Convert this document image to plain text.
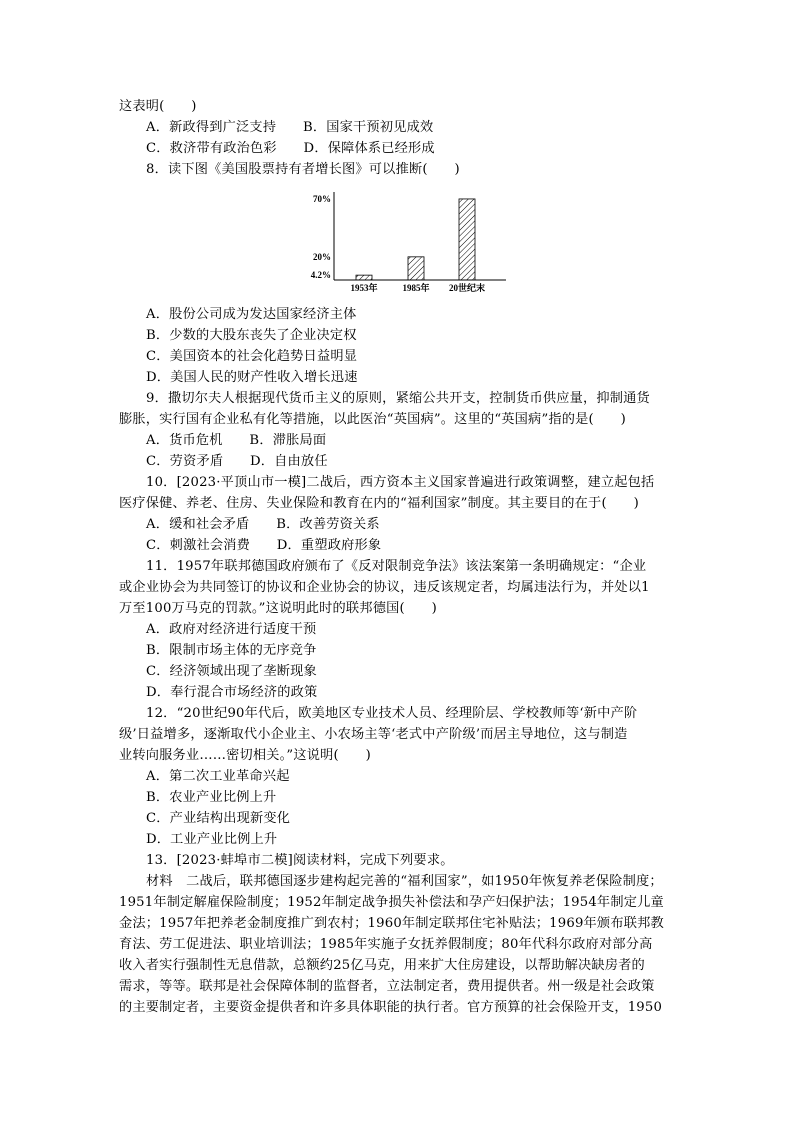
这表明(　　)
A．新政得到广泛支持　　B．国家干预初见成效
C．救济带有政治色彩　　D．保障体系已经形成
8．读下图《美国股票持有者增长图》可以推断(　　)
70%
20%
4.2%
1953年	1985年 20世纪末
A．股份公司成为发达国家经济主体
B．少数的大股东丧失了企业决定权
C．美国资本的社会化趋势日益明显
D．美国人民的财产性收入增长迅速
9．撒切尔夫人根据现代货币主义的原则，紧缩公共开支，控制货币供应量，抑制通货
膨胀，实行国有企业私有化等措施，以此医治“英国病”。这里的“英国病”指的是(　　)
A．货币危机　　B．滞胀局面
C．劳资矛盾　　D．自由放任
10．[2023·平顶山市一模]二战后，西方资本主义国家普遍进行政策调整，建立起包括
医疗保健、养老、住房、失业保险和教育在内的“福利国家”制度。其主要目的在于(　　)
A．缓和社会矛盾　　B．改善劳资关系
C．刺激社会消费　　D．重塑政府形象
11．1957年联邦德国政府颁布了《反对限制竞争法》该法案第一条明确规定：“企业
或企业协会为共同签订的协议和企业协会的协议，违反该规定者，均属违法行为，并处以1
万至100万马克的罚款。”这说明此时的联邦德国(　　)
A．政府对经济进行适度干预
B．限制市场主体的无序竞争
C．经济领域出现了垄断现象
D．奉行混合市场经济的政策
12．“20世纪90年代后，欧美地区专业技术人员、经理阶层、学校教师等‘新中产阶
级’日益增多，逐渐取代小企业主、小农场主等‘老式中产阶级’而居主导地位，这与制造
业转向服务业……密切相关。”这说明(　　)
A．第二次工业革命兴起
B．农业产业比例上升
C．产业结构出现新变化
D．工业产业比例上升
13．[2023·蚌埠市二模]阅读材料，完成下列要求。
材料　二战后，联邦德国逐步建构起完善的“福利国家”，如1950年恢复养老保险制度；
1951年制定解雇保险制度；1952年制定战争损失补偿法和孕产妇保护法；1954年制定儿童
金法；1957年把养老金制度推广到农村；1960年制定联邦住宅补贴法；1969年颁布联邦教
育法、劳工促进法、职业培训法；1985年实施子女抚养假制度；80年代科尔政府对部分高
收入者实行强制性无息借款，总额约25亿马克，用来扩大住房建设，以帮助解决缺房者的
需求，等等。联邦是社会保障体制的监督者，立法制定者，费用提供者。州一级是社会政策
的主要制定者，主要资金提供者和许多具体职能的执行者。官方预算的社会保险开支，1950
